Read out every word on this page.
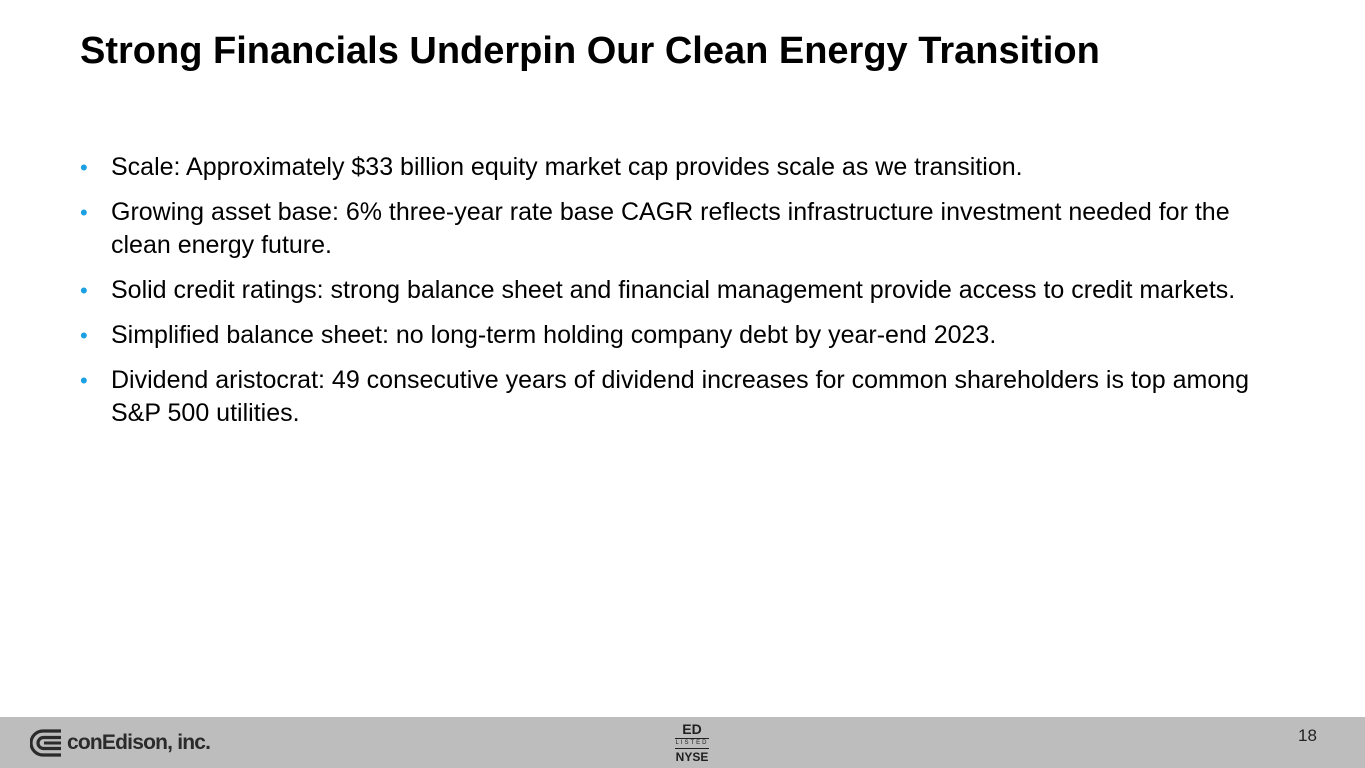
Strong Financials Underpin Our Clean Energy Transition
• Scale: Approximately $33 billion equity market cap provides scale as we transition.
• Growing asset base: 6% three-year rate base CAGR reflects infrastructure investment needed for the clean energy future.
• Solid credit ratings: strong balance sheet and financial management provide access to credit markets.
• Simplified balance sheet: no long-term holding company debt by year-end 2023.
• Dividend aristocrat: 49 consecutive years of dividend increases for common shareholders is top among S&P 500 utilities.
conEdison, inc.
ED
LISTED
NYSE
18
